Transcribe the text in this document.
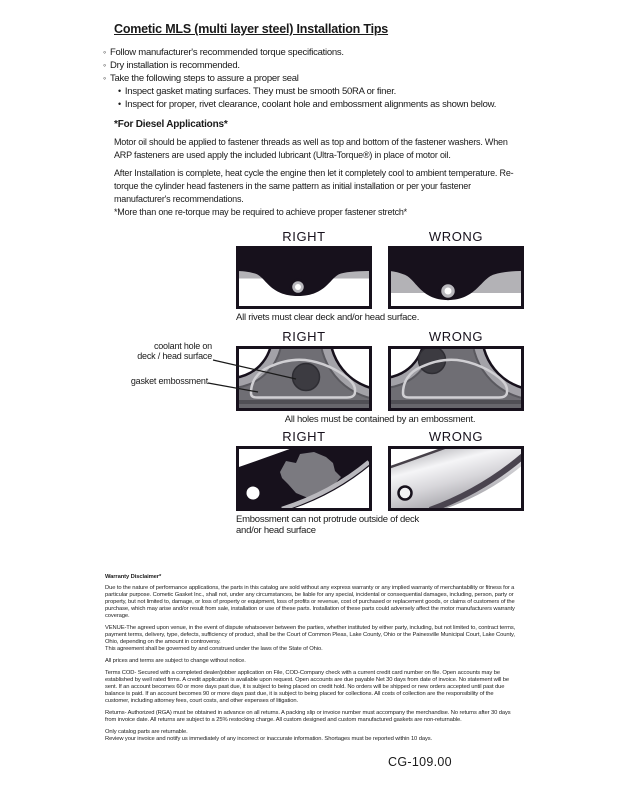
Cometic MLS (multi layer steel) Installation Tips
◦ Follow manufacturer's recommended torque specifications.
◦ Dry installation is recommended.
◦ Take the following steps to assure a proper seal
• Inspect gasket mating surfaces. They must be smooth 50RA or finer.
• Inspect for proper, rivet clearance, coolant hole and embossment alignments as shown below.
*For Diesel Applications*

Motor oil should be applied to fastener threads as well as top and bottom of the fastener washers. When ARP fasteners are used apply the included lubricant (Ultra-Torque®) in place of motor oil.

After Installation is complete, heat cycle the engine then let it completely cool to ambient temperature. Re-torque the cylinder head fasteners in the same pattern as initial installation or per your fastener manufacturer's recommendations.

*More than one re-torque may be required to achieve proper fastener stretch*

RIGHT	WRONG
All rivets must clear deck and/or head surface.
RIGHT	WRONG
All holes must be contained by an embossment.
coolant hole on
deck / head surface
gasket embossment
RIGHT	WRONG
Embossment can not protrude outside of deck
and/or head surface

Warranty Disclaimer*

Due to the nature of performance applications, the parts in this catalog are sold without any express warranty or any implied warranty of merchantability or fitness for a particular purpose. Cometic Gasket Inc., shall not, under any circumstances, be liable for any special, incidental or consequential damages, including, person, party or property, but not limited to, damage, or loss of property or equipment, loss of profits or revenue, cost of purchased or replacement goods, or claims of customers of the purchase, which may arise and/or result from sale, installation or use of these parts. Installation of these parts could adversely affect the motor manufacturers warranty coverage.

VENUE-The agreed upon venue, in the event of dispute whatsoever between the parties, whether instituted by either party, including, but not limited to, contract terms, payment terms, delivery, type, defects, sufficiency of product, shall be the Court of Common Pleas, Lake County, Ohio or the Painesville Municipal Court, Lake County, Ohio, depending on the amount in controversy.

This agreement shall be governed by and construed under the laws of the State of Ohio.

All prices and terms are subject to change without notice.

Terms COD- Secured with a completed dealer/jobber application on File, COD-Company check with a current credit card number on file. Open accounts may be established by well rated firms. A credit application is available upon request. Open accounts are due payable Net 30 days from date of invoice. No statement will be sent. If an account becomes 60 or more days past due, it is subject to being placed on credit hold. No orders will be shipped or new orders accepted until past due balance is paid. If an account becomes 90 or more days past due, it is subject to being placed for collections. All costs of collection are the responsibility of the customer, including attorney fees, court costs, and other expenses of litigation.

Returns- Authorized (RGA) must be obtained in advance on all returns. A packing slip or invoice number must accompany the merchandise. No returns after 30 days from invoice date. All returns are subject to a 25% restocking charge. All custom designed and custom manufactured gaskets are non-returnable.

Only catalog parts are returnable.

Review your invoice and notify us immediately of any incorrect or inaccurate information. Shortages must be reported within 10 days.

CG-109.00
